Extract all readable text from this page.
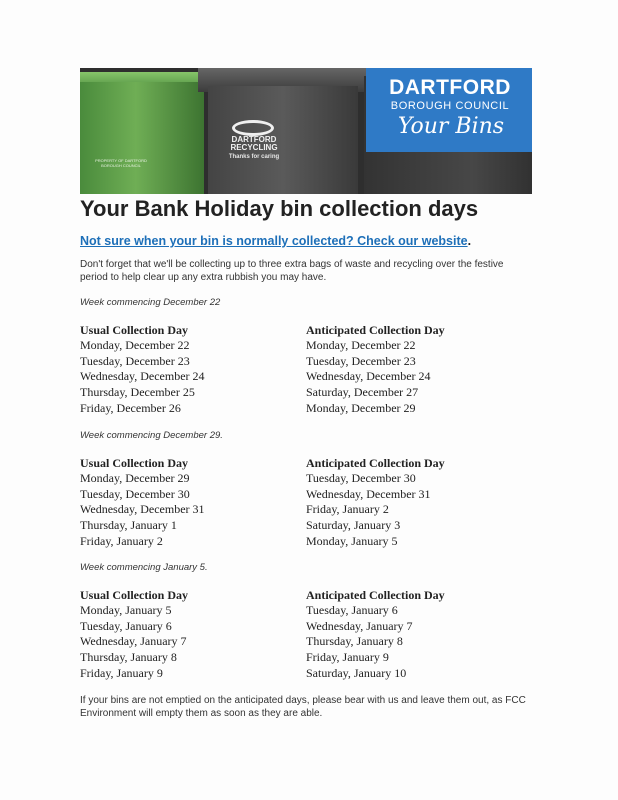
PROPERTY OF DARTFORD BOROUGH COUNCIL
DARTFORD
RECYCLING
Thanks for caring
DARTFORD
BOROUGH COUNCIL
Your Bins
Your Bank Holiday bin collection days
Not sure when your bin is normally collected? Check our website.
Don't forget that we'll be collecting up to three extra bags of waste and recycling over the festive period to help clear up any extra rubbish you may have.
Week commencing December 22
Usual Collection Day
Monday, December 22
Tuesday, December 23
Wednesday, December 24
Thursday, December 25
Friday, December 26
Anticipated Collection Day
Monday, December 22
Tuesday, December 23
Wednesday, December 24
Saturday, December 27
Monday, December 29
Week commencing December 29.
Usual Collection Day
Monday, December 29
Tuesday, December 30
Wednesday, December 31
Thursday, January 1
Friday, January 2
Anticipated Collection Day
Tuesday, December 30
Wednesday, December 31
Friday, January 2
Saturday, January 3
Monday, January 5
Week commencing January 5.
Usual Collection Day
Monday, January 5
Tuesday, January 6
Wednesday, January 7
Thursday, January 8
Friday, January 9
Anticipated Collection Day
Tuesday, January 6
Wednesday, January 7
Thursday, January 8
Friday, January 9
Saturday, January 10
If your bins are not emptied on the anticipated days, please bear with us and leave them out, as FCC Environment will empty them as soon as they are able.
